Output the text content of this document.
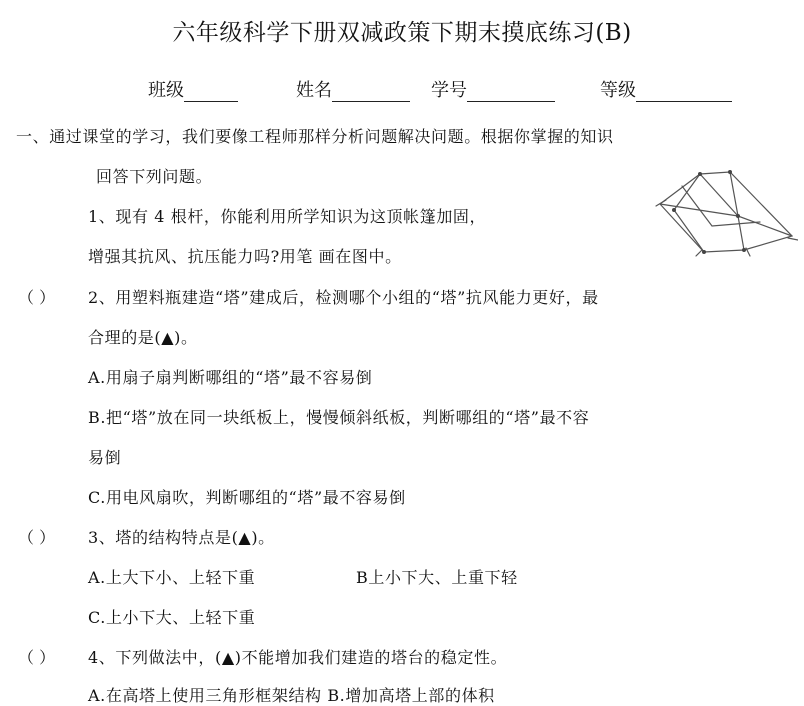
六年级科学下册双减政策下期末摸底练习(B)
班级	姓名	学号	等级
一、通过课堂的学习，我们要像工程师那样分析问题解决问题。根据你掌握的知识
回答下列问题。
1、现有 4 根杆，你能利用所学知识为这顶帐篷加固，
增强其抗风、抗压能力吗?用笔 画在图中。
（ ） 2、用塑料瓶建造“塔”建成后，检测哪个小组的“塔”抗风能力更好，最
合理的是(▲)。
A.用扇子扇判断哪组的“塔”最不容易倒
B.把“塔”放在同一块纸板上，慢慢倾斜纸板，判断哪组的“塔”最不容
易倒
C.用电风扇吹，判断哪组的“塔”最不容易倒
（ ） 3、塔的结构特点是(▲)。
A.上大下小、上轻下重	B上小下大、上重下轻
C.上小下大、上轻下重
（ ） 4、下列做法中，(▲)不能增加我们建造的塔台的稳定性。
A.在高塔上使用三角形框架结构 B.增加高塔上部的体积
